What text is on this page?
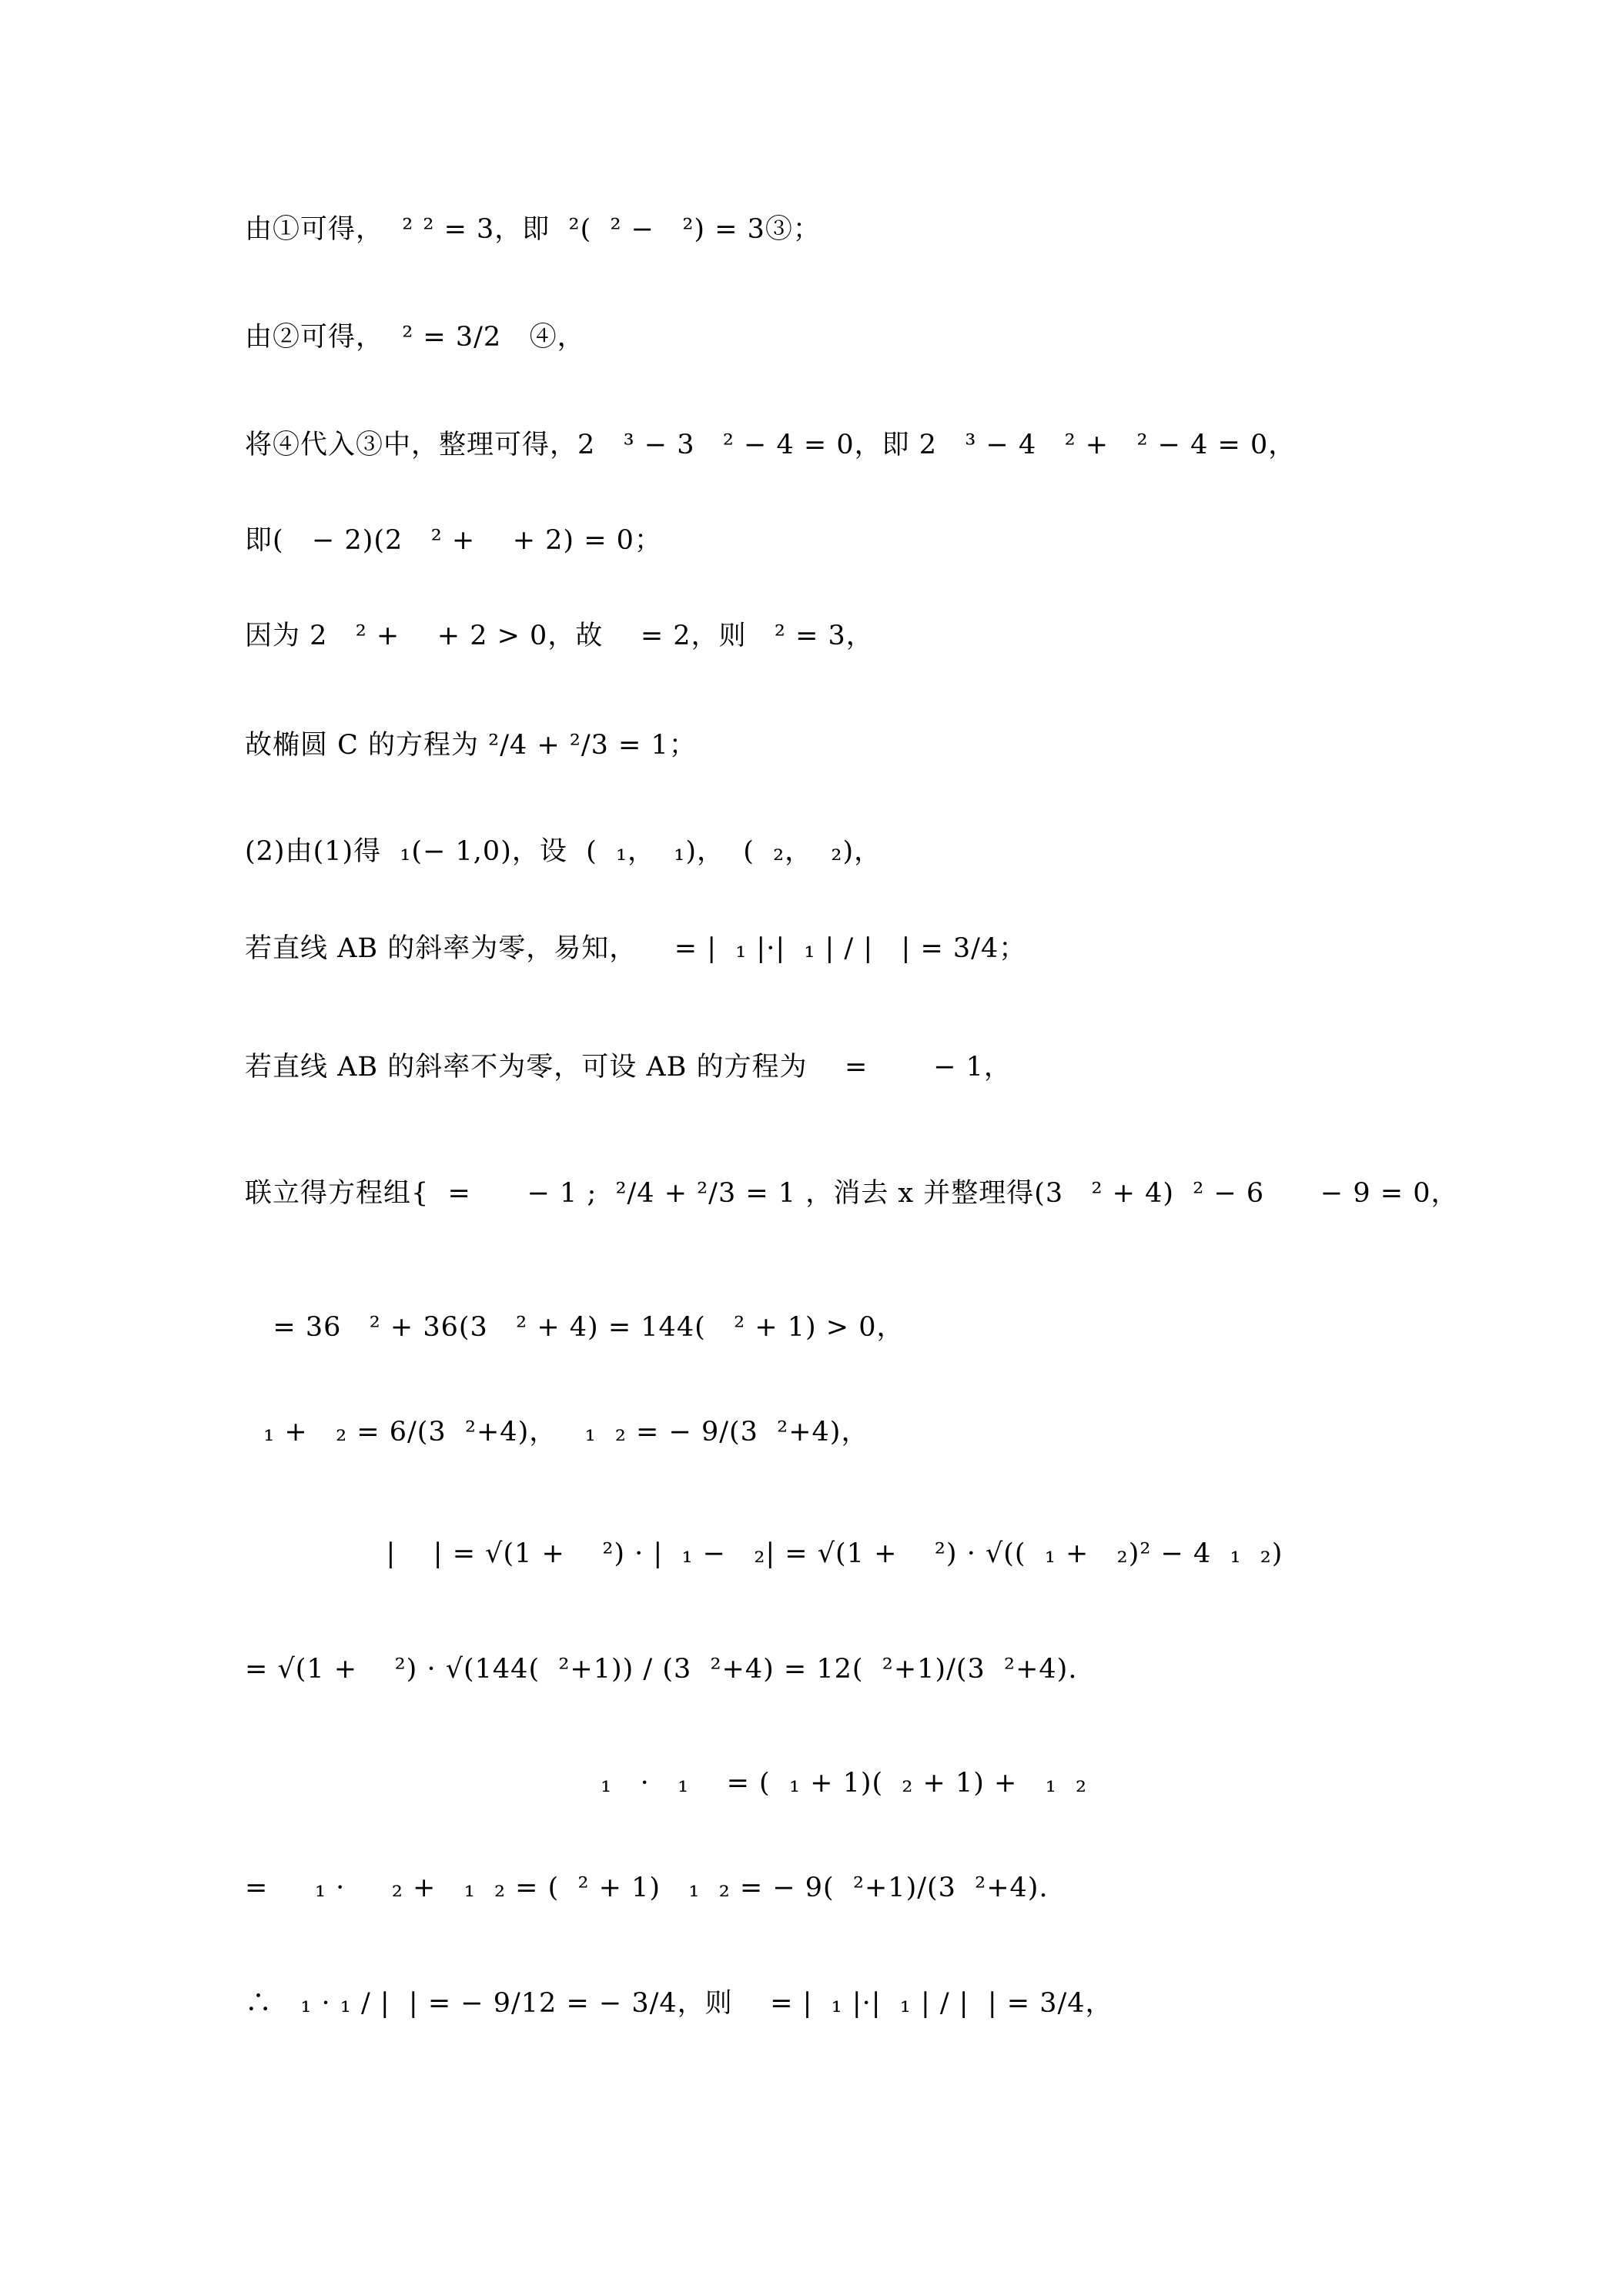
由①可得，  ² ² = 3，即  ²(  ² −   ²) = 3③；
由②可得，  ² = 3/2   ④，
将④代入③中，整理可得，2   ³ − 3   ² − 4 = 0，即 2   ³ − 4   ² +   ² − 4 = 0，
即(   − 2)(2   ² +    + 2) = 0；
因为 2   ² +    + 2 > 0，故    = 2，则   ² = 3，
故椭圆 C 的方程为 ²/4 + ²/3 = 1；
(2)由(1)得  ₁(− 1,0)，设  (  ₁，  ₁)，  (  ₂，  ₂)，
若直线 AB 的斜率为零，易知，    = |  ₁ |·|  ₁ | / |   | = 3/4；
若直线 AB 的斜率不为零，可设 AB 的方程为    =       − 1，
联立得方程组{  =      − 1 ;  ²/4 + ²/3 = 1 ，消去 x 并整理得(3   ² + 4)  ² − 6      − 9 = 0，
= 36   ² + 36(3   ² + 4) = 144(   ² + 1) > 0，
₁ +   ₂ = 6/(3  ²+4)，   ₁  ₂ = − 9/(3  ²+4)，
|    | = √(1 +    ²) · |  ₁ −   ₂| = √(1 +    ²) · √((  ₁ +   ₂)² − 4  ₁  ₂)
= √(1 +    ²) · √(144(  ²+1)) / (3  ²+4) = 12(  ²+1)/(3  ²+4).
₁   ·   ₁    = (  ₁ + 1)(  ₂ + 1) +   ₁  ₂
=     ₁ ·     ₂ +   ₁  ₂ = (  ² + 1)   ₁  ₂ = − 9(  ²+1)/(3  ²+4).
∴   ₁ · ₁ / |  | = − 9/12 = − 3/4，则    = |  ₁ |·|  ₁ | / |  | = 3/4，
